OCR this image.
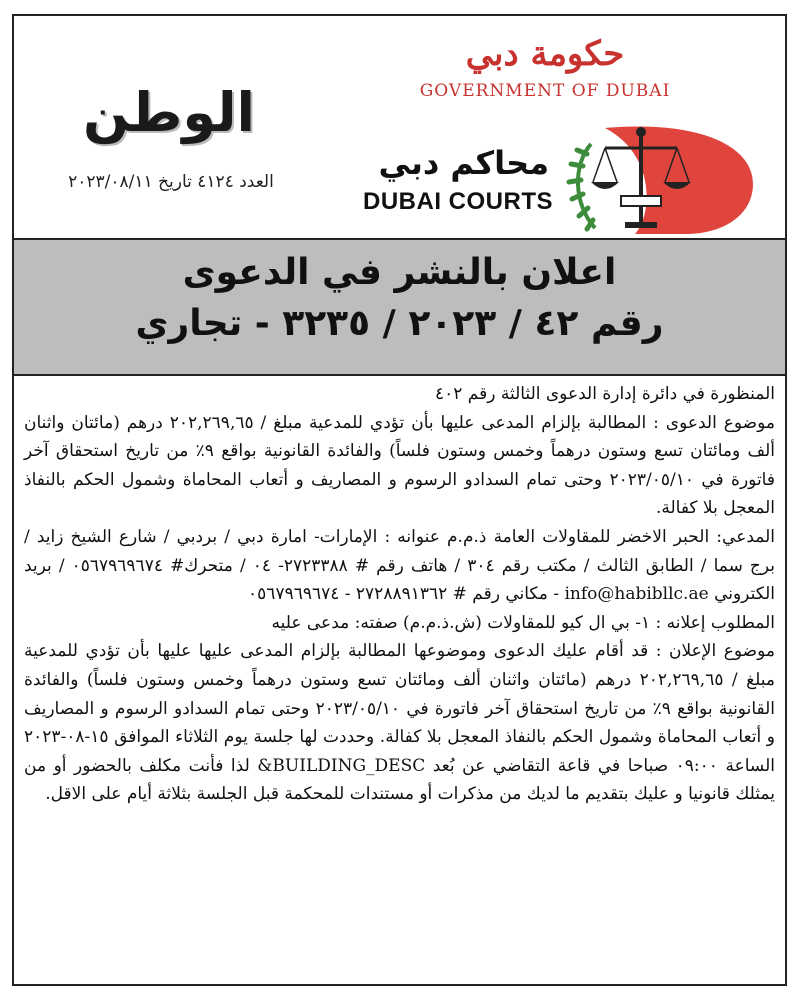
الوطن
العدد ٤١٢٤ تاريخ ٢٠٢٣/٠٨/١١
حكومة دبي
GOVERNMENT OF DUBAI
محاكم دبي
DUBAI COURTS
اعلان بالنشر في الدعوى
رقم ٤٢ / ٢٠٢٣ / ٣٢٣٥ - تجاري

المنظورة في دائرة إدارة الدعوى الثالثة رقم ٤٠٢

موضوع الدعوى : المطالبة بإلزام المدعى عليها بأن تؤدي للمدعية مبلغ / ٢٠٢,٢٦٩,٦٥ درهم (مائتان واثنان ألف ومائتان تسع وستون درهماً وخمس وستون فلساً) والفائدة القانونية بواقع ٩٪ من تاريخ استحقاق آخر فاتورة في ٢٠٢٣/٠٥/١٠ وحتى تمام السدادو الرسوم و المصاريف و أتعاب المحاماة وشمول الحكم بالنفاذ المعجل بلا كفالة.

المدعي: الحبر الاخضر للمقاولات العامة ذ.م.م عنوانه : الإمارات- امارة دبي / بردبي / شارع الشيخ زايد / برج سما / الطابق الثالث / مكتب رقم ٣٠٤ / هاتف رقم # ٢٧٢٣٣٨٨- ٠٤ / متحرك# ٠٥٦٧٩٦٩٦٧٤ / بريد الكتروني info@habibllc.ae - مكاني رقم # ٢٧٢٨٨٩١٣٦٢ - ٠٥٦٧٩٦٩٦٧٤

المطلوب إعلانه : ١- بي ال كيو للمقاولات (ش.ذ.م.م) صفته: مدعى عليه

موضوع الإعلان : قد أقام عليك الدعوى وموضوعها المطالبة بإلزام المدعى عليها عليها بأن تؤدي للمدعية مبلغ / ٢٠٢,٢٦٩,٦٥ درهم (مائتان واثنان ألف ومائتان تسع وستون درهماً وخمس وستون فلساً) والفائدة القانونية بواقع ٩٪ من تاريخ استحقاق آخر فاتورة في ٢٠٢٣/٠٥/١٠ وحتى تمام السدادو الرسوم و المصاريف و أتعاب المحاماة وشمول الحكم بالنفاذ المعجل بلا كفالة. وحددت لها جلسة يوم الثلاثاء الموافق ١٥-٠٨-٢٠٢٣ الساعة ٠٩:٠٠ صباحا في قاعة التقاضي عن بُعد BUILDING_DESC& لذا فأنت مكلف بالحضور أو من يمثلك قانونيا و عليك بتقديم ما لديك من مذكرات أو مستندات للمحكمة قبل الجلسة بثلاثة أيام على الاقل.
